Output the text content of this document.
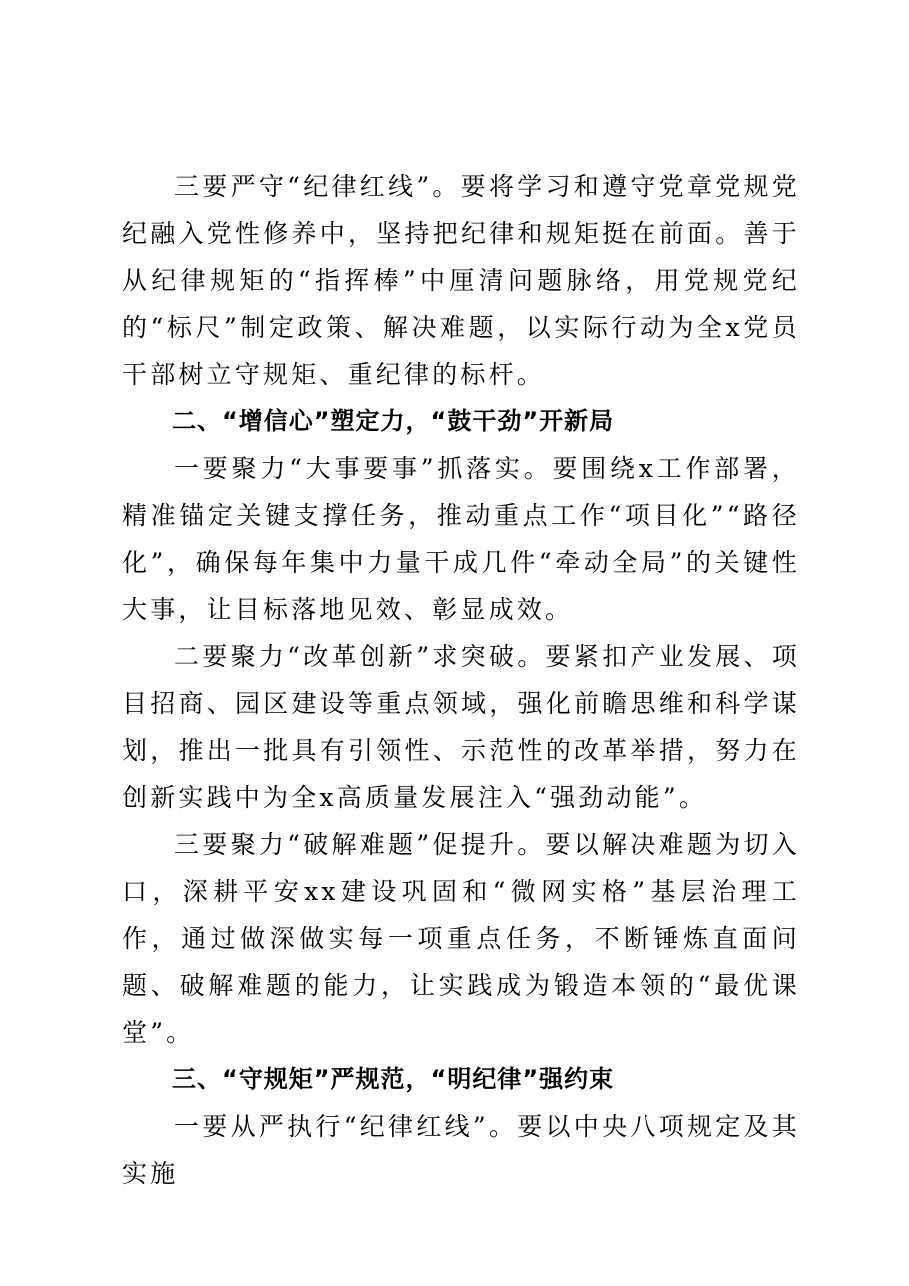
三要严守“纪律红线”。要将学习和遵守党章党规党纪融入党性修养中，坚持把纪律和规矩挺在前面。善于从纪律规矩的“指挥棒”中厘清问题脉络，用党规党纪的“标尺”制定政策、解决难题，以实际行动为全x党员干部树立守规矩、重纪律的标杆。

二、“增信心”塑定力，“鼓干劲”开新局

一要聚力“大事要事”抓落实。要围绕x工作部署，精准锚定关键支撑任务，推动重点工作“项目化”“路径化”，确保每年集中力量干成几件“牵动全局”的关键性大事，让目标落地见效、彰显成效。

二要聚力“改革创新”求突破。要紧扣产业发展、项目招商、园区建设等重点领域，强化前瞻思维和科学谋划，推出一批具有引领性、示范性的改革举措，努力在创新实践中为全x高质量发展注入“强劲动能”。

三要聚力“破解难题”促提升。要以解决难题为切入口，深耕平安xx建设巩固和“微网实格”基层治理工作，通过做深做实每一项重点任务，不断锤炼直面问题、破解难题的能力，让实践成为锻造本领的“最优课堂”。

三、“守规矩”严规范，“明纪律”强约束

一要从严执行“纪律红线”。要以中央八项规定及其实施
